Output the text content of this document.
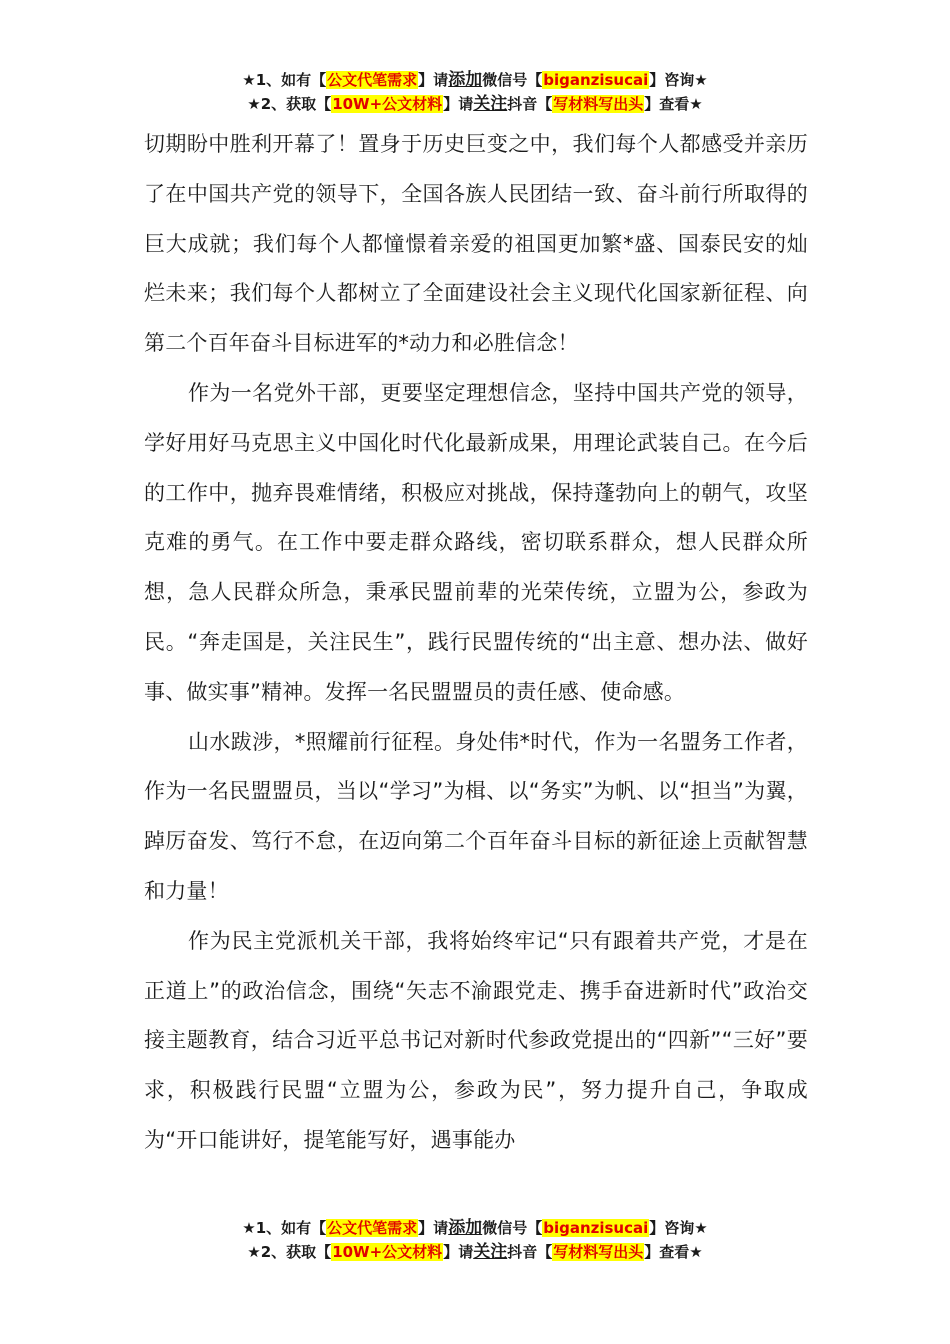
★1、如有【公文代笔需求】请添加微信号【biganzisucai】咨询★
★2、获取【10W+公文材料】请关注抖音【写材料写出头】查看★

切期盼中胜利开幕了！置身于历史巨变之中，我们每个人都感受并亲历了在中国共产党的领导下，全国各族人民团结一致、奋斗前行所取得的巨大成就；我们每个人都憧憬着亲爱的祖国更加繁*盛、国泰民安的灿烂未来；我们每个人都树立了全面建设社会主义现代化国家新征程、向第二个百年奋斗目标进军的*动力和必胜信念！

作为一名党外干部，更要坚定理想信念，坚持中国共产党的领导，学好用好马克思主义中国化时代化最新成果，用理论武装自己。在今后的工作中，抛弃畏难情绪，积极应对挑战，保持蓬勃向上的朝气，攻坚克难的勇气。在工作中要走群众路线，密切联系群众，想人民群众所想，急人民群众所急，秉承民盟前辈的光荣传统，立盟为公，参政为民。“奔走国是，关注民生”，践行民盟传统的“出主意、想办法、做好事、做实事”精神。发挥一名民盟盟员的责任感、使命感。

山水跋涉，*照耀前行征程。身处伟*时代，作为一名盟务工作者，作为一名民盟盟员，当以“学习”为楫、以“务实”为帆、以“担当”为翼，踔厉奋发、笃行不怠，在迈向第二个百年奋斗目标的新征途上贡献智慧和力量！

作为民主党派机关干部，我将始终牢记“只有跟着共产党，才是在正道上”的政治信念，围绕“矢志不渝跟党走、携手奋进新时代”政治交接主题教育，结合习近平总书记对新时代参政党提出的“四新”“三好”要求，积极践行民盟“立盟为公，参政为民”，努力提升自己，争取成为“开口能讲好，提笔能写好，遇事能办

★1、如有【公文代笔需求】请添加微信号【biganzisucai】咨询★
★2、获取【10W+公文材料】请关注抖音【写材料写出头】查看★
